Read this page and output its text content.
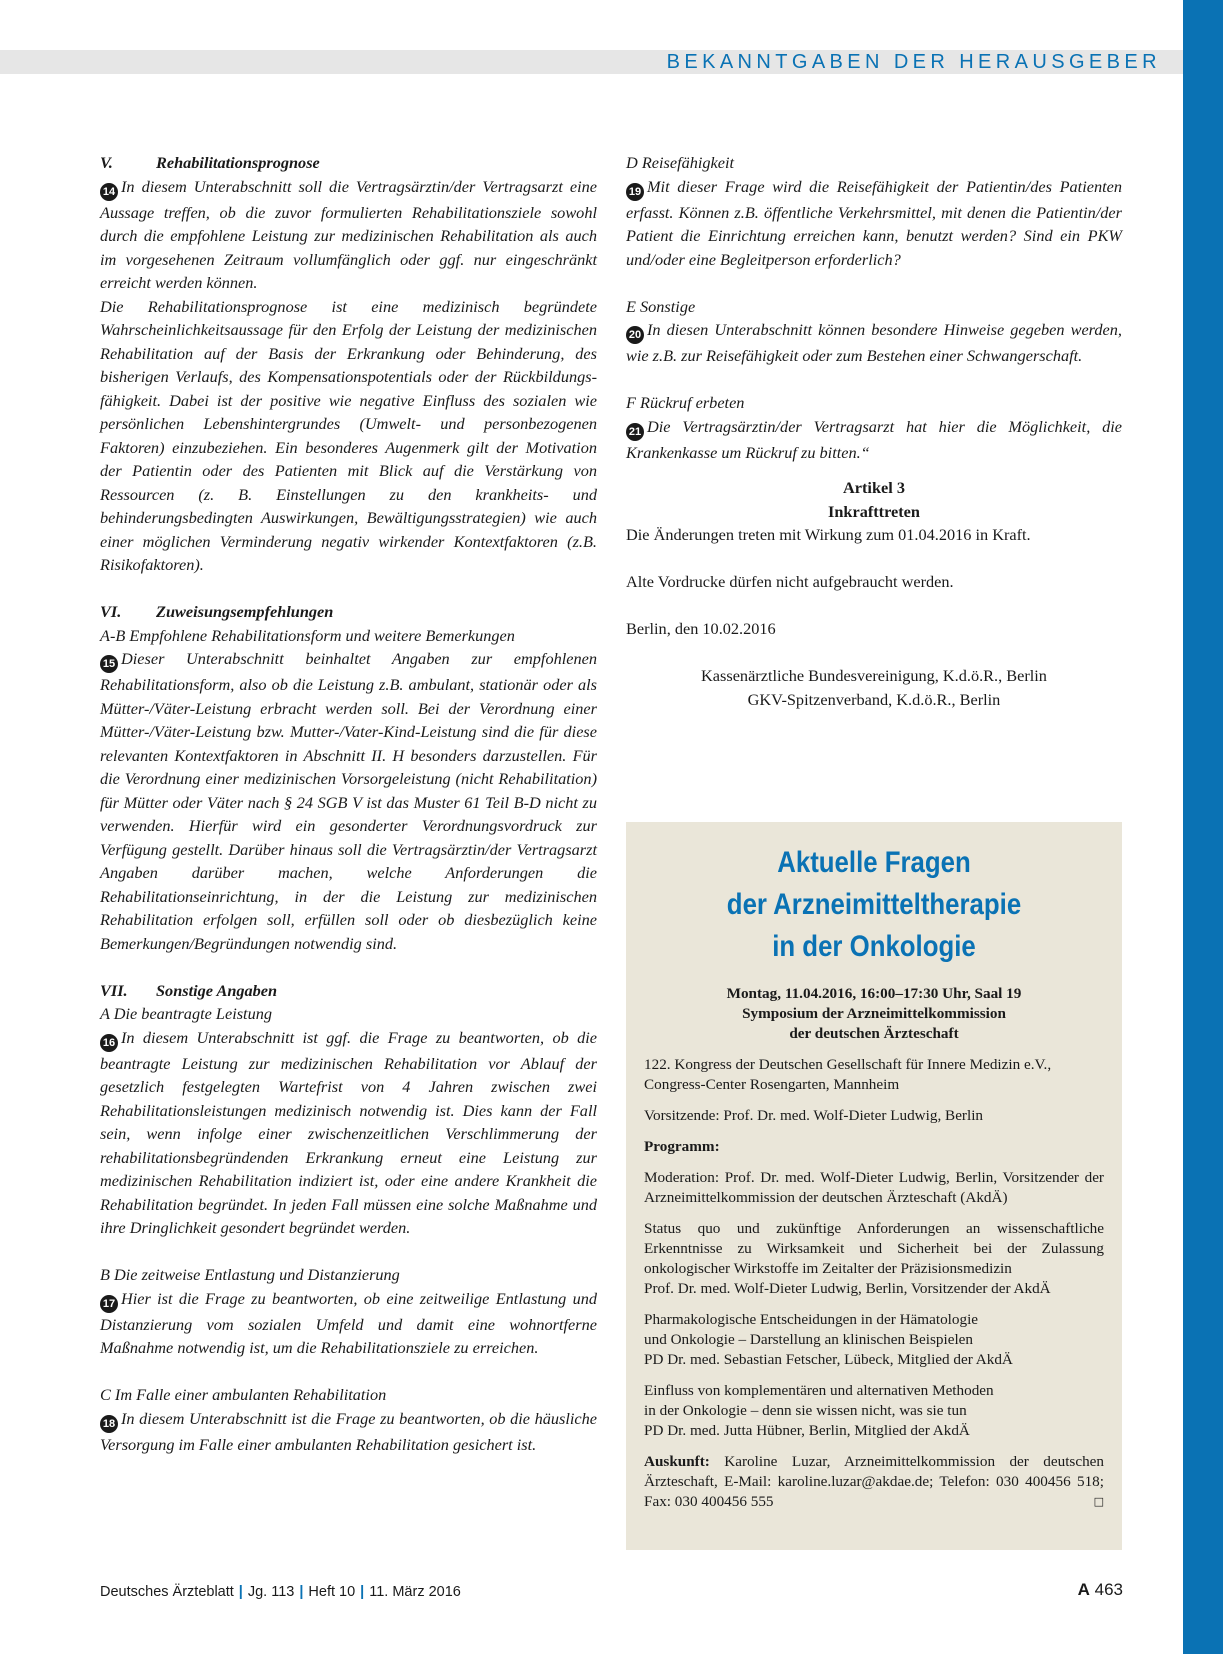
BEKANNTGABEN DER HERAUSGEBER
V.	Rehabilitationsprognose
14 In diesem Unterabschnitt soll die Vertragsärztin/der Vertragsarzt eine Aussage treffen, ob die zuvor formulierten Rehabilitationsziele sowohl durch die empfohlene Leistung zur medizinischen Rehabilitation als auch im vorgesehenen Zeitraum vollumfänglich oder ggf. nur eingeschränkt erreicht werden können.
Die Rehabilitationsprognose ist eine medizinisch begründete Wahrscheinlichkeitsaussage für den Erfolg der Leistung der medizinischen Rehabilitation auf der Basis der Erkrankung oder Behinderung, des bisherigen Verlaufs, des Kompensationspotentials oder der Rückbildungs-fähigkeit. Dabei ist der positive wie negative Einfluss des sozialen wie persönlichen Lebenshintergrundes (Umwelt- und personbezogenen Faktoren) einzubeziehen. Ein besonderes Augenmerk gilt der Motivation der Patientin oder des Patienten mit Blick auf die Verstärkung von Ressourcen (z. B. Einstellungen zu den krankheits- und behinderungsbedingten Auswirkungen, Bewältigungsstrategien) wie auch einer möglichen Verminderung negativ wirkender Kontextfaktoren (z.B. Risikofaktoren).
VI. Zuweisungsempfehlungen
A-B Empfohlene Rehabilitationsform und weitere Bemerkungen
15 Dieser Unterabschnitt beinhaltet Angaben zur empfohlenen Rehabilitationsform, also ob die Leistung z.B. ambulant, stationär oder als Mütter-/Väter-Leistung erbracht werden soll. Bei der Verordnung einer Mütter-/Väter-Leistung bzw. Mutter-/Vater-Kind-Leistung sind die für diese relevanten Kontextfaktoren in Abschnitt II. H besonders darzustellen. Für die Verordnung einer medizinischen Vorsorgeleistung (nicht Rehabilitation) für Mütter oder Väter nach § 24 SGB V ist das Muster 61 Teil B-D nicht zu verwenden. Hierfür wird ein gesonderter Verordnungsvordruck zur Verfügung gestellt. Darüber hinaus soll die Vertragsärztin/der Vertragsarzt Angaben darüber machen, welche Anforderungen die Rehabilitationseinrichtung, in der die Leistung zur medizinischen Rehabilitation erfolgen soll, erfüllen soll oder ob diesbezüglich keine Bemerkungen/Begründungen notwendig sind.
VII. Sonstige Angaben
A Die beantragte Leistung
16 In diesem Unterabschnitt ist ggf. die Frage zu beantworten, ob die beantragte Leistung zur medizinischen Rehabilitation vor Ablauf der gesetzlich festgelegten Wartefrist von 4 Jahren zwischen zwei Rehabilitationsleistungen medizinisch notwendig ist. Dies kann der Fall sein, wenn infolge einer zwischenzeitlichen Verschlimmerung der rehabilitationsbegründenden Erkrankung erneut eine Leistung zur medizinischen Rehabilitation indiziert ist, oder eine andere Krankheit die Rehabilitation begründet. In jeden Fall müssen eine solche Maßnahme und ihre Dringlichkeit gesondert begründet werden.
B Die zeitweise Entlastung und Distanzierung
17 Hier ist die Frage zu beantworten, ob eine zeitweilige Entlastung und Distanzierung vom sozialen Umfeld und damit eine wohnortferne Maßnahme notwendig ist, um die Rehabilitationsziele zu erreichen.
C Im Falle einer ambulanten Rehabilitation
18 In diesem Unterabschnitt ist die Frage zu beantworten, ob die häusliche Versorgung im Falle einer ambulanten Rehabilitation gesichert ist.
D Reisefähigkeit
19 Mit dieser Frage wird die Reisefähigkeit der Patientin/des Patienten erfasst. Können z.B. öffentliche Verkehrsmittel, mit denen die Patientin/der Patient die Einrichtung erreichen kann, benutzt werden? Sind ein PKW und/oder eine Begleitperson erforderlich?
E Sonstige
20 In diesen Unterabschnitt können besondere Hinweise gegeben werden, wie z.B. zur Reisefähigkeit oder zum Bestehen einer Schwangerschaft.
F Rückruf erbeten
21 Die Vertragsärztin/der Vertragsarzt hat hier die Möglichkeit, die Krankenkasse um Rückruf zu bitten.“
Artikel 3
Inkrafttreten
Die Änderungen treten mit Wirkung zum 01.04.2016 in Kraft.
Alte Vordrucke dürfen nicht aufgebraucht werden.
Berlin, den 10.02.2016
Kassenärztliche Bundesvereinigung, K.d.ö.R., Berlin
GKV-Spitzenverband, K.d.ö.R., Berlin
Aktuelle Fragen
der Arzneimitteltherapie
in der Onkologie
Montag, 11.04.2016, 16:00–17:30 Uhr, Saal 19
Symposium der Arzneimittelkommission
der deutschen Ärzteschaft

122. Kongress der Deutschen Gesellschaft für Innere Medizin e.V.,
Congress-Center Rosengarten, Mannheim

Vorsitzende: Prof. Dr. med. Wolf-Dieter Ludwig, Berlin

Programm:

Moderation: Prof. Dr. med. Wolf-Dieter Ludwig, Berlin, Vorsitzender der Arzneimittelkommission der deutschen Ärzteschaft (AkdÄ)

Status quo und zukünftige Anforderungen an wissenschaftliche Erkenntnisse zu Wirksamkeit und Sicherheit bei der Zulassung onkologischer Wirkstoffe im Zeitalter der Präzisionsmedizin
Prof. Dr. med. Wolf-Dieter Ludwig, Berlin, Vorsitzender der AkdÄ

Pharmakologische Entscheidungen in der Hämatologie
und Onkologie – Darstellung an klinischen Beispielen
PD Dr. med. Sebastian Fetscher, Lübeck, Mitglied der AkdÄ

Einfluss von komplementären und alternativen Methoden
in der Onkologie – denn sie wissen nicht, was sie tun
PD Dr. med. Jutta Hübner, Berlin, Mitglied der AkdÄ

Auskunft: Karoline Luzar, Arzneimittelkommission der deutschen Ärzteschaft, E-Mail: karoline.luzar@akdae.de; Telefon: 030 400456 518; Fax: 030 400456 555	□

Deutsches Ärzteblatt | Jg. 113 | Heft 10 | 11. März 2016	A 463
